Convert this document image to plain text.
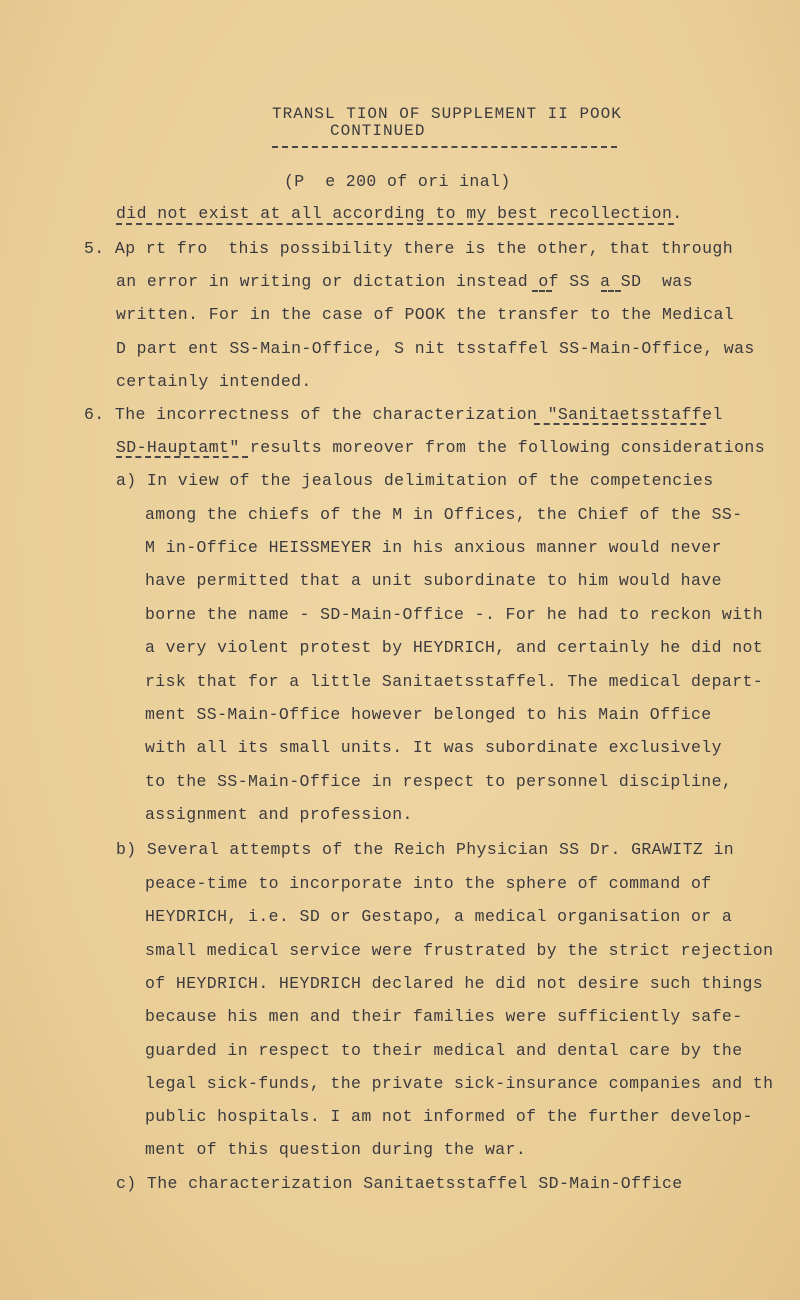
TRANSL TION OF SUPPLEMENT II POOK
CONTINUED
(P  e 200 of ori inal)
did not exist at all according to my best recollection.
5. Ap rt fro  this possibility there is the other, that through
an error in writing or dictation instead of SS a SD  was
written. For in the case of POOK the transfer to the Medical
D part ent SS-Main-Office, S nit tsstaffel SS-Main-Office, was
certainly intended.
6. The incorrectness of the characterization "Sanitaetsstaffel
SD-Hauptamt" results moreover from the following considerations
a) In view of the jealous delimitation of the competencies
among the chiefs of the M in Offices, the Chief of the SS-
M in-Office HEISSMEYER in his anxious manner would never
have permitted that a unit subordinate to him would have
borne the name - SD-Main-Office -. For he had to reckon with
a very violent protest by HEYDRICH, and certainly he did not
risk that for a little Sanitaetsstaffel. The medical depart-
ment SS-Main-Office however belonged to his Main Office
with all its small units. It was subordinate exclusively
to the SS-Main-Office in respect to personnel discipline,
assignment and profession.
b) Several attempts of the Reich Physician SS Dr. GRAWITZ in
peace-time to incorporate into the sphere of command of
HEYDRICH, i.e. SD or Gestapo, a medical organisation or a
small medical service were frustrated by the strict rejection
of HEYDRICH. HEYDRICH declared he did not desire such things
because his men and their families were sufficiently safe-
guarded in respect to their medical and dental care by the
legal sick-funds, the private sick-insurance companies and th
public hospitals. I am not informed of the further develop-
ment of this question during the war.
c) The characterization Sanitaetsstaffel SD-Main-Office
